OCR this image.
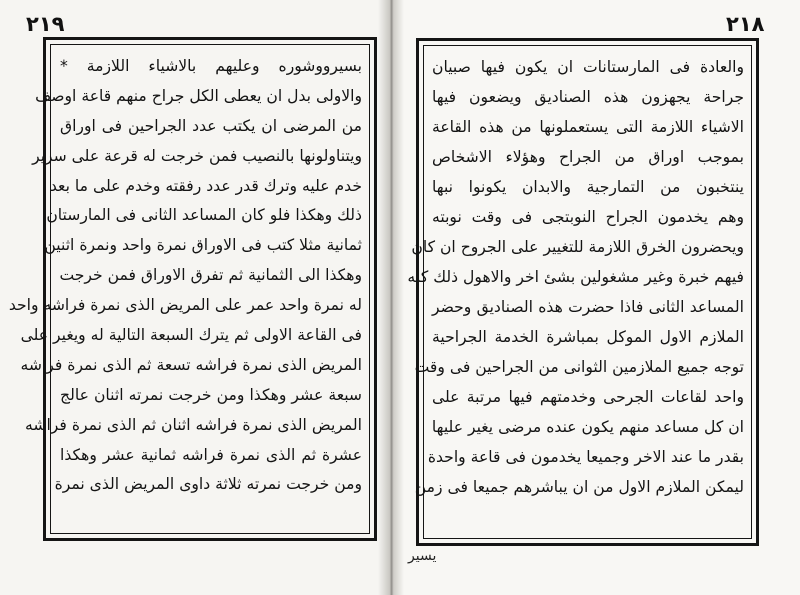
٢١٩	٢١٨
بسيرووشوره وعليهم بالاشياء اللازمة *
والاولى بدل ان يعطى الكل جراح منهم قاعة اوصف
من المرضى ان يكتب عدد الجراحين فى اوراق
ويتناولونها بالنصيب فمن خرجت له قرعة على سرير
خدم عليه وترك قدر عدد رفقته وخدم على ما بعد
ذلك وهكذا فلو كان المساعد الثانى فى المارستان
ثمانية مثلا كتب فى الاوراق نمرة واحد ونمرة اثنين
وهكذا الى الثمانية ثم تفرق الاوراق فمن خرجت
له نمرة واحد عمر على المريض الذى نمرة فراشه واحد
فى القاعة الاولى ثم يترك السبعة التالية له ويغير على
المريض الذى نمرة فراشه تسعة ثم الذى نمرة فراشه
سبعة عشر وهكذا ومن خرجت نمرته اثنان عالج
المريض الذى نمرة فراشه اثنان ثم الذى نمرة فراشه
عشرة ثم الذى نمرة فراشه ثمانية عشر وهكذا
ومن خرجت نمرته ثلاثة داوى المريض الذى نمرة
والعادة فى المارستانات ان يكون فيها صبيان
جراحة يجهزون هذه الصناديق ويضعون فيها
الاشياء اللازمة التى يستعملونها من هذه القاعة
بموجب اوراق من الجراح وهؤلاء الاشخاص
ينتخبون من التمارجية والابدان يكونوا نبها
وهم يخدمون الجراح النوبتجى فى وقت نوبته
ويحضرون الخرق اللازمة للتغيير على الجروح ان كان
فيهم خبرة وغير مشغولين بشئ اخر والاهول ذلك كله
المساعد الثانى فاذا حضرت هذه الصناديق وحضر
الملازم الاول الموكل بمباشرة الخدمة الجراحية
توجه جميع الملازمين الثوانى من الجراحين فى وقت
واحد لقاعات الجرحى وخدمتهم فيها مرتبة على
ان كل مساعد منهم يكون عنده مرضى يغير عليها
بقدر ما عند الاخر وجميعا يخدمون فى قاعة واحدة
ليمكن الملازم الاول من ان يباشرهم جميعا فى زمن
يسير
